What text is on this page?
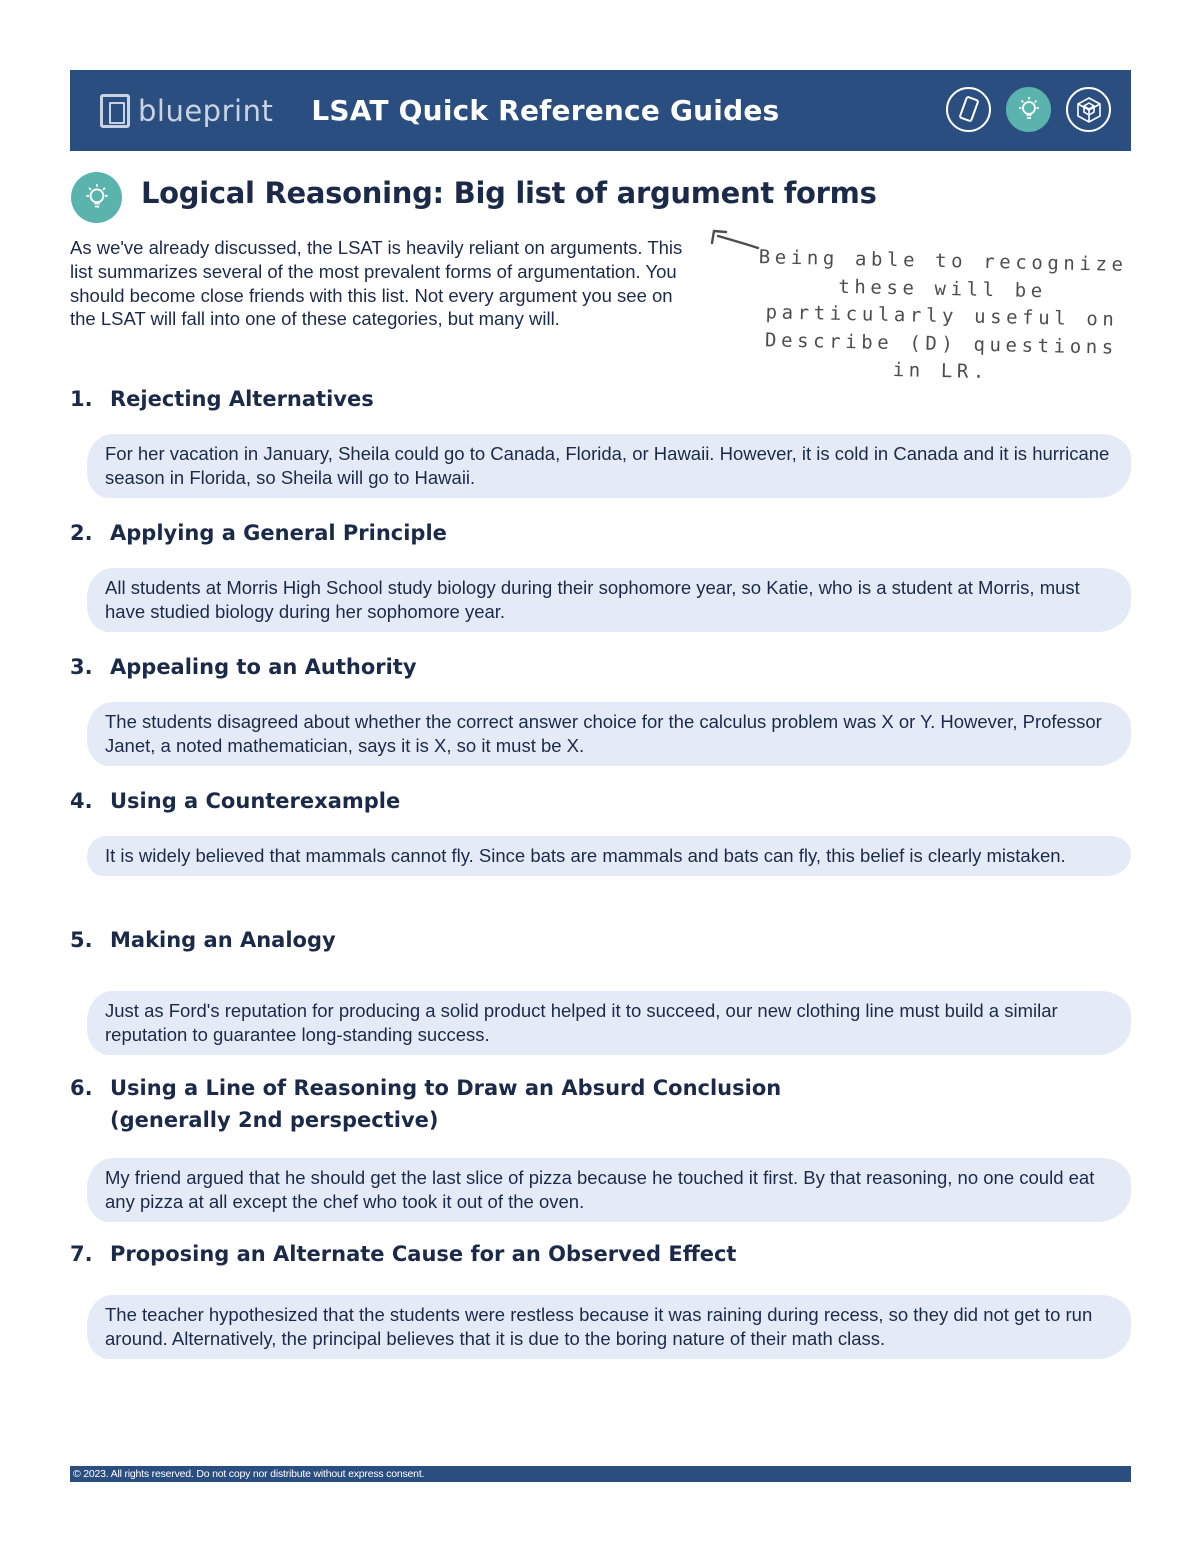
blueprint LSAT Quick Reference Guides
Logical Reasoning: Big list of argument forms

As we've already discussed, the LSAT is heavily reliant on arguments. This list summarizes several of the most prevalent forms of argumentation. You should become close friends with this list. Not every argument you see on the LSAT will fall into one of these categories, but many will.

Being able to recognize these will be particularly useful on Describe (D) questions in LR.
1. Rejecting Alternatives
For her vacation in January, Sheila could go to Canada, Florida, or Hawaii. However, it is cold in Canada and it is hurricane season in Florida, so Sheila will go to Hawaii.
2. Applying a General Principle
All students at Morris High School study biology during their sophomore year, so Katie, who is a student at Morris, must have studied biology during her sophomore year.
3. Appealing to an Authority
The students disagreed about whether the correct answer choice for the calculus problem was X or Y. However, Professor Janet, a noted mathematician, says it is X, so it must be X.
4. Using a Counterexample
It is widely believed that mammals cannot fly. Since bats are mammals and bats can fly, this belief is clearly mistaken.
5. Making an Analogy
Just as Ford's reputation for producing a solid product helped it to succeed, our new clothing line must build a similar reputation to guarantee long-standing success.
6. Using a Line of Reasoning to Draw an Absurd Conclusion
(generally 2nd perspective)
My friend argued that he should get the last slice of pizza because he touched it first. By that reasoning, no one could eat any pizza at all except the chef who took it out of the oven.
7. Proposing an Alternate Cause for an Observed Effect
The teacher hypothesized that the students were restless because it was raining during recess, so they did not get to run around. Alternatively, the principal believes that it is due to the boring nature of their math class.
© 2023. All rights reserved. Do not copy nor distribute without express consent.
